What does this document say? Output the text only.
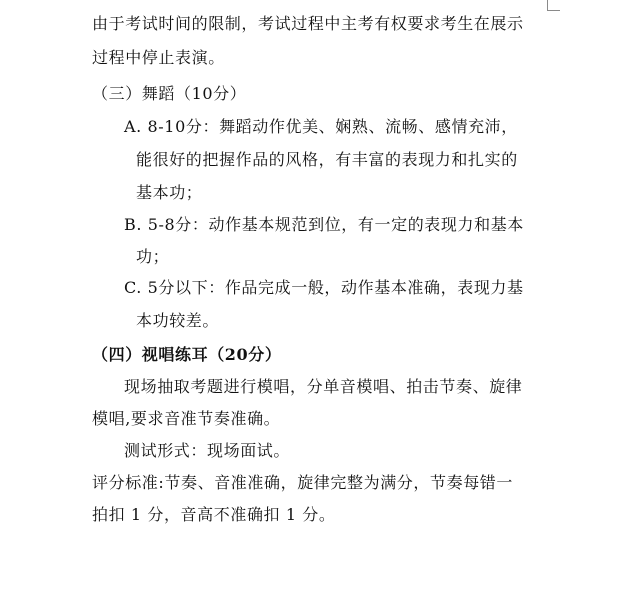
由于考试时间的限制，考试过程中主考有权要求考生在展示
过程中停止表演。
（三）舞蹈（10分）
A. 8-10分：舞蹈动作优美、娴熟、流畅、感情充沛，
能很好的把握作品的风格，有丰富的表现力和扎实的
基本功；
B. 5-8分：动作基本规范到位，有一定的表现力和基本
功；
C. 5分以下：作品完成一般，动作基本准确，表现力基
本功较差。
（四）视唱练耳（20分）
现场抽取考题进行模唱，分单音模唱、拍击节奏、旋律
模唱,要求音准节奏准确。
测试形式：现场面试。
评分标准:节奏、音准准确，旋律完整为满分，节奏每错一
拍扣 1 分，音高不准确扣 1 分。
